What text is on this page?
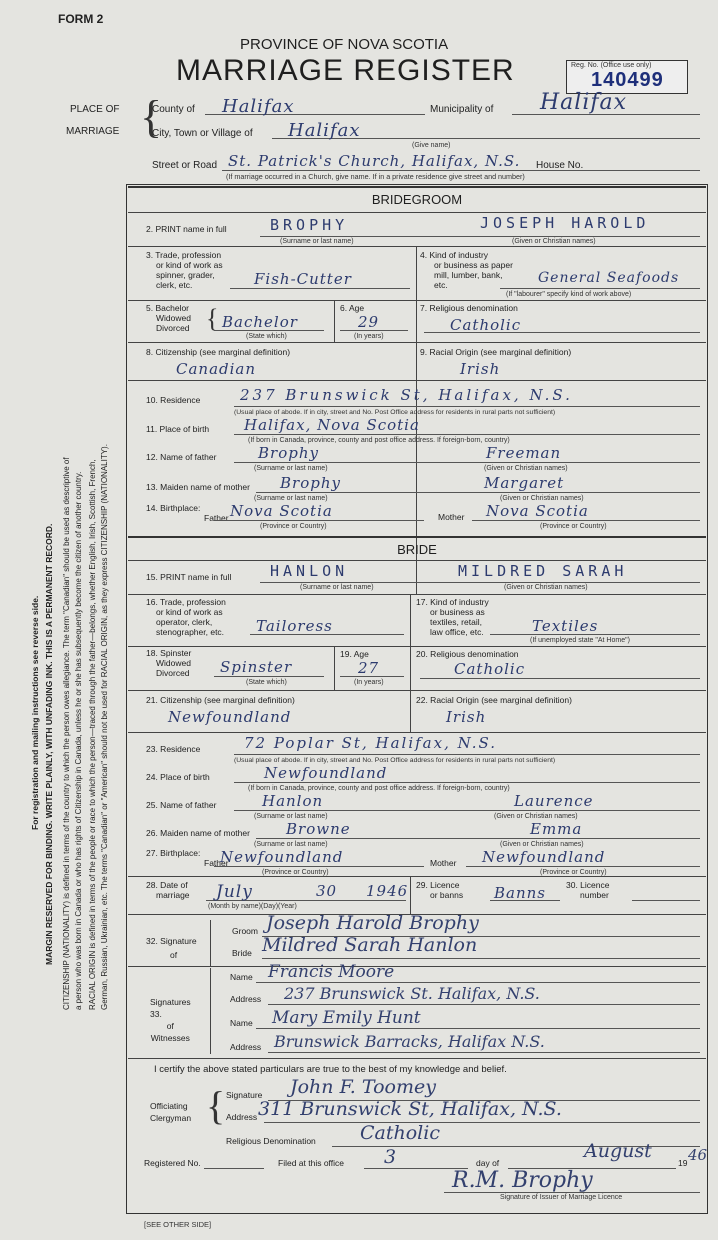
FORM 2
PROVINCE OF NOVA SCOTIA
MARRIAGE REGISTER	Reg. No. (Office use only)
140499
PLACE OF
MARRIAGE {
County of Halifax	Municipality of Halifax
City, Town or Village of Halifax
(Give name)
Street or Road St. Patrick's Church, Halifax, N.S. House No.
(If marriage occurred in a Church, give name. If in a private residence give street and number)
For registration and mailing instructions see reverse side. MARGIN RESERVED FOR BINDING. WRITE PLAINLY, WITH UNFADING INK. THIS IS A PERMANENT RECORD. CITIZENSHIP (NATIONALITY) is defined in terms of the country to which the person owes allegiance. The term "Canadian" should be used as descriptive of a person who was born in Canada or who has rights of Citizenship in Canada, unless he or she has subsequently become the citizen of another country. RACIAL ORIGIN is defined in terms of the people or race to which the person—traced through the father—belongs, whether English, Irish, Scottish, French, German, Russian, Ukrainian, etc. The terms "Canadian" or "American" should not be used for RACIAL ORIGIN, as they express CITIZENSHIP (NATIONALITY).
BRIDEGROOM
2. PRINT name in full	BROPHY	JOSEPH HAROLD
(Surname or last name)	(Given or Christian names)
3. Trade, profession
or kind of work as
spinner, grader,
clerk, etc.	Fish-Cutter
4. Kind of industry
or business as paper
mill, lumber, bank,
etc.	General Seafoods
(If "labourer" specify kind of work above)
5. Bachelor
Widowed
Divorced { Bachelor
(State which)
6. Age
29
(In years)
7. Religious denomination
Catholic
8. Citizenship (see marginal definition)
Canadian
9. Racial Origin (see marginal definition)
Irish
10. Residence	237 Brunswick St, Halifax, N.S.
(Usual place of abode. If in city, street and No. Post Office address for residents in rural parts not sufficient)
11. Place of birth Halifax, Nova Scotia
(If born in Canada, province, county and post office address. If foreign-born, country)
12. Name of father	Brophy	Freeman
(Surname or last name)	(Given or Christian names)
13. Maiden name of mother Brophy	Margaret
(Surname or last name)	(Given or Christian names)
14. Birthplace:
Father Nova Scotia
(Province or Country)
Mother Nova Scotia
(Province or Country)
BRIDE
15. PRINT name in full	HANLON	MILDRED SARAH
(Surname or last name)	(Given or Christian names)
16. Trade, profession
or kind of work as
operator, clerk,
stenographer, etc. Tailoress
17. Kind of industry
or business as
textiles, retail,
law office, etc.	Textiles
(If unemployed state "At Home")
18. Spinster
Widowed
Divorced Spinster
(State which)
19. Age
27
(In years)
20. Religious denomination
Catholic
21. Citizenship (see marginal definition)
Newfoundland
22. Racial Origin (see marginal definition)
Irish
23. Residence	72 Poplar St, Halifax, N.S.
(Usual place of abode. If in city, street and No. Post Office address for residents in rural parts not sufficient)
24. Place of birth	Newfoundland
(If born in Canada, province, county and post office address. If foreign-born, country)
25. Name of father	Hanlon	Laurence
(Surname or last name)	(Given or Christian names)
26. Maiden name of mother Browne	Emma
(Surname or last name)	(Given or Christian names)
27. Birthplace:
Father
Newfoundland
(Province or Country)
Mother Newfoundland
(Province or Country)
28. Date of
marriage July	30 1946
(Month by name)(Day)(Year)
29. Licence
or banns Banns 30. Licence
number
32. Signature
of
Groom Joseph Harold Brophy
Bride Mildred Sarah Hanlon
Signatures
33.
of
Witnesses
Name Francis Moore
Address 237 Brunswick St. Halifax, N.S.
Name Mary Emily Hunt
Address Brunswick Barracks, Halifax N.S.
I certify the above stated particulars are true to the best of my knowledge and belief.
Officiating
Clergyman { Signature John F. Toomey
Address 311 Brunswick St, Halifax, N.S.
Religious Denomination Catholic
Registered No.	Filed at this office 3	day of
August
19 46
R.M. Brophy
Signature of Issuer of Marriage Licence
[SEE OTHER SIDE]
